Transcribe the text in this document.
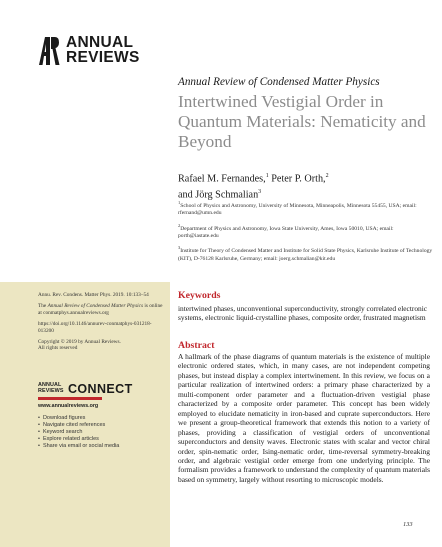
ANNUAL
REVIEWS
Annual Review of Condensed Matter Physics
Intertwined Vestigial Order in Quantum Materials: Nematicity and Beyond
Rafael M. Fernandes,$^1$ Peter P. Orth,$^2$
and Jörg Schmalian$^3$
$^1$School of Physics and Astronomy, University of Minnesota, Minneapolis, Minnesota 55455, USA; email: rfernand@umn.edu
$^2$Department of Physics and Astronomy, Iowa State University, Ames, Iowa 50010, USA; email: porth@iastate.edu
$^3$Institute for Theory of Condensed Matter and Institute for Solid State Physics, Karlsruhe Institute of Technology (KIT), D-76128 Karlsruhe, Germany; email: joerg.schmalian@kit.edu

Annu. Rev. Condens. Matter Phys. 2019. 10:133–54

The Annual Review of Condensed Matter Physics is online at conmatphys.annualreviews.org

https://doi.org/10.1146/annurev-conmatphys-031218-013200

Copyright © 2019 by Annual Reviews.
All rights reserved

ANNUAL
REVIEWS CONNECT
www.annualreviews.org
• Download figures
• Navigate cited references
• Keyword search
• Explore related articles
• Share via email or social media
Keywords
intertwined phases, unconventional superconductivity, strongly correlated electronic systems, electronic liquid-crystalline phases, composite order, frustrated magnetism
Abstract
A hallmark of the phase diagrams of quantum materials is the existence of multiple electronic ordered states, which, in many cases, are not independent competing phases, but instead display a complex intertwinement. In this review, we focus on a particular realization of intertwined orders: a primary phase characterized by a multi-component order parameter and a fluctuation-driven vestigial phase characterized by a composite order parameter. This concept has been widely employed to elucidate nematicity in iron-based and cuprate superconductors. Here we present a group-theoretical framework that extends this notion to a variety of phases, providing a classification of vestigial orders of unconventional superconductors and density waves. Electronic states with scalar and vector chiral order, spin-nematic order, Ising-nematic order, time-reversal symmetry-breaking order, and algebraic vestigial order emerge from one underlying principle. The formalism provides a framework to understand the complexity of quantum materials based on symmetry, largely without resorting to microscopic models.
133
